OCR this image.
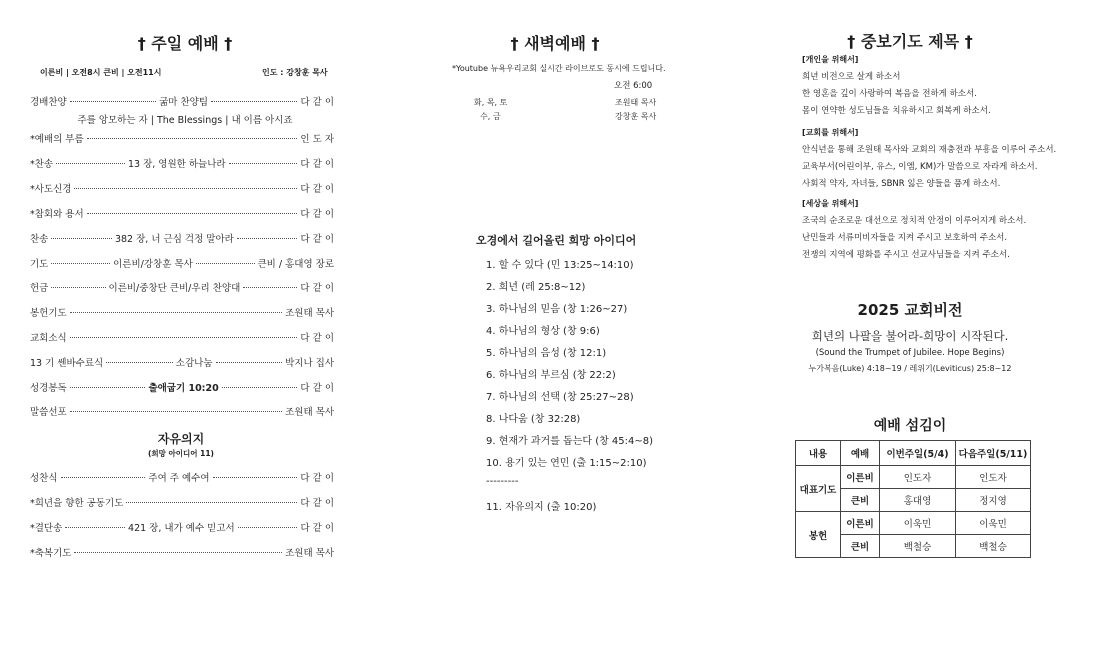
† 주일 예배 †
이른비 | 오전8시 큰비 | 오전11시	인도 : 강창훈 목사
경배찬양	굶마 찬양팀	다 같 이
*예배의 부름	인 도 자
*찬송	13 장, 영원한 하늘나라	다 같 이
*사도신경	다 같 이
*참회와 용서	다 같 이
찬송	382 장, 너 근심 걱정 말아라	다 같 이
기도	이른비/강창훈 목사	큰비 / 홍대영 장로
헌금	이른비/중창단 큰비/우리 찬양대	다 같 이
봉헌기도	조원태 목사
교회소식	다 같 이
13 기 쎈바수료식	소감나눔	박지나 집사
성경봉독	출애굽기 10:20	다 같 이
말씀선포	조원태 목사
주를 앙모하는 자 | The Blessings | 내 이름 아시죠
자유의지
(희망 아이디어 11)
성찬식	주여 주 예수여	다 같 이
*희년을 향한 공동기도	다 같 이
*결단송	421 장, 내가 예수 믿고서	다 같 이
*축복기도	조원태 목사
† 새벽예배 †
*Youtube 뉴욕우리교회 실시간 라이브로도 동시에 드립니다.
오전 6:00
화, 목, 토	조원태 목사
수, 금	강창훈 목사
오경에서 길어올린 희망 아이디어
1. 할 수 있다 (민 13:25~14:10)
2. 희년 (레 25:8~12)
3. 하나님의 믿음 (창 1:26~27)
4. 하나님의 형상 (창 9:6)
5. 하나님의 음성 (창 12:1)
6. 하나님의 부르심 (창 22:2)
7. 하나님의 선택 (창 25:27~28)
8. 나다움 (창 32:28)
9. 현재가 과거를 돕는다 (창 45:4~8)
10. 용기 있는 연민 (출 1:15~2:10)
---------
11. 자유의지 (출 10:20)
† 중보기도 제목 †
[개인을 위해서]
희년 비전으로 살게 하소서
한 영혼을 깊이 사랑하여 복음을 전하게 하소서.
몸이 연약한 성도님들을 치유하시고 회복케 하소서.
[교회를 위해서]
안식년을 통해 조원태 목사와 교회의 재충전과 부흥을 이루어 주소서.
교육부서(어린이부, 유스, 이엠, KM)가 말씀으로 자라게 하소서.
사회적 약자, 자녀들, SBNR 잃은 양들을 품게 하소서.
[세상을 위해서]
조국의 순조로운 대선으로 정치적 안정이 이루어지게 하소서.
난민들과 서류미비자들을 지켜 주시고 보호하여 주소서.
전쟁의 지역에 평화를 주시고 선교사님들을 지켜 주소서.
2025 교회비전
희년의 나팔을 불어라-희망이 시작된다.
(Sound the Trumpet of Jubilee. Hope Begins)
누가복음(Luke) 4:18~19 / 레위기(Leviticus) 25:8~12
예배 섬김이
내용	예배	이번주일(5/4)	다음주일(5/11)
대표기도	이른비	인도자	인도자
	큰비	홍대영	정지영
봉헌	이른비	이욱민	이욱민
	큰비	백철승	백철승
